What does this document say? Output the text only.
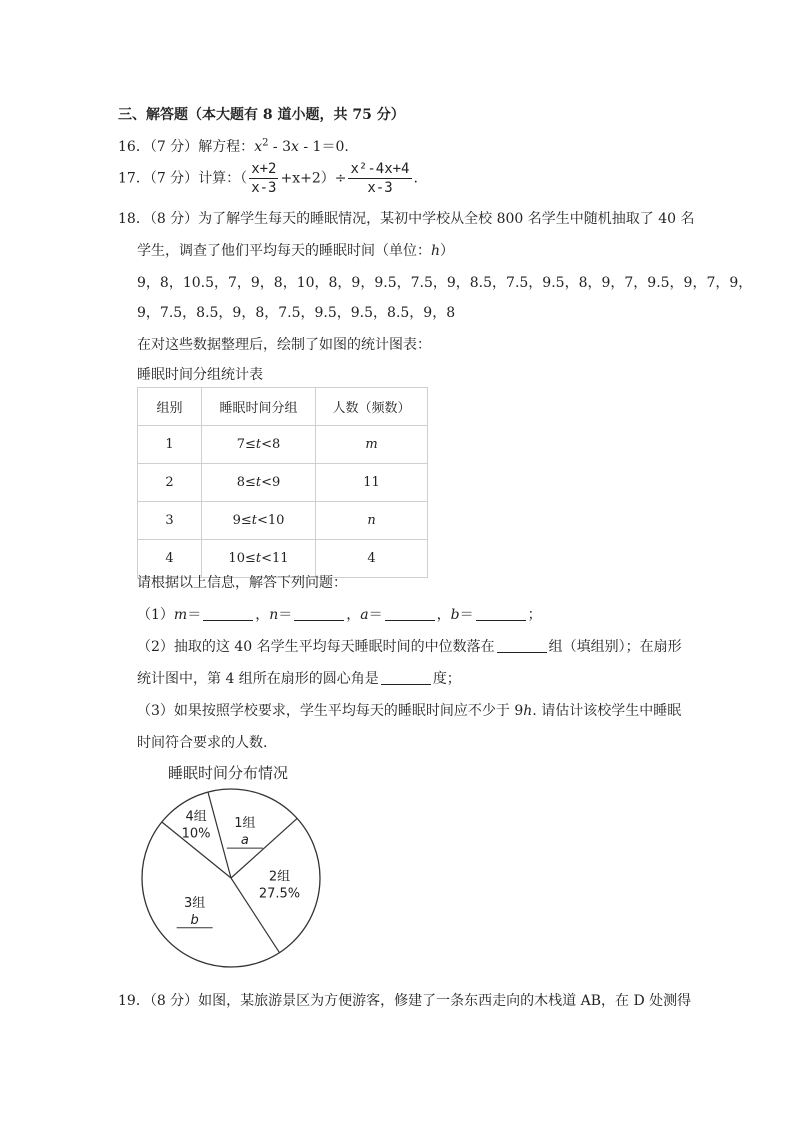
三、解答题（本大题有 8 道小题，共 75 分）
16．（7 分）解方程：$x^2 - 3x - 1=0$.
17．（7 分）计算：（ $\frac{x+2}{x-3} +x+2)\div \frac{\text{x²-4x+4}}{x-3}$ .
18．（8 分）为了解学生每天的睡眠情况，某初中学校从全校 800 名学生中随机抽取了 40 名
学生，调查了他们平均每天的睡眠时间（单位：h）
9，8，10.5，7，9，8，10，8，9，9.5，7.5，9，8.5，7.5，9.5，8，9，7，9.5，9，7，9，
9，7.5，8.5，9，8，7.5，9.5，9.5，8.5，9，8
在对这些数据整理后，绘制了如图的统计图表：
睡眠时间分组统计表
组别	睡眠时间分组	人数（频数）
1	7≤t<8	m
2	8≤t<9	11
3	9≤t<10	n
4	10≤t<11	4
请根据以上信息，解答下列问题：
（1）m＝	，n＝	，a＝	，b＝	；
（2）抽取的这 40 名学生平均每天睡眠时间的中位数落在	组（填组别）；在扇形
统计图中，第 4 组所在扇形的圆心角是	度；
（3）如果按照学校要求，学生平均每天的睡眠时间应不少于 9h. 请估计该校学生中睡眠
时间符合要求的人数.
睡眠时间分布情况
1组
a
2组
27.5%
3组
b
4组
10%
19．（8 分）如图，某旅游景区为方便游客，修建了一条东西走向的木栈道 AB，在 D 处测得
